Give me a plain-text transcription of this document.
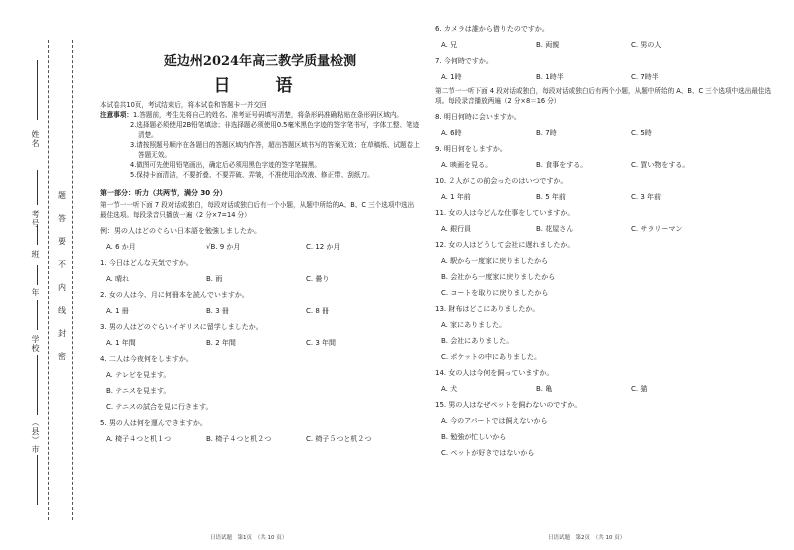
姓名
考号
班
年
学校
（县）市
题
答
要
不
内
线
封
密
延边州2024年高三教学质量检测
日　语
本试卷共10页，考试结束后，将本试卷和答题卡一并交回
注意事项：1.答题前，考生先将自己的姓名、准考证号码填写清楚，将条形码准确粘贴在条形码区域内。
2.选择题必须使用2B铅笔填涂；非选择题必须使用0.5毫米黑色字迹的签字笔书写，字体工整、笔迹清楚。
3.请按照题号顺序在各题目的答题区域内作答，超出答题区域书写的答案无效；在草稿纸、试题卷上答题无效。
4.做图可先使用铅笔画出，确定后必须用黑色字迹的签字笔描黑。
5.保持卡面清洁，不要折叠、不要弄破、弄皱，不准使用涂改液、修正带、刮纸刀。
第一部分：听力（共两节，满分 30 分）
第一节一一听下面 7 段对话或独白，每段对话或独白后有一个小题，从题中所给的A、B、C 三个选项中选出最佳选项。每段录音只播放一遍（2 分×7=14 分）
例：男の人はどのぐらい日本語を勉強しましたか。
A. 6 か月	√B. 9 か月	C. 12 か月
1. 今日はどんな天気ですか。
A. 晴れ	B. 雨	C. 曇り
2. 女の人は今、月に何冊本を読んでいますか。
A. 1 冊	B. 3 冊	C. 8 冊
3. 男の人はどのぐらいイギリスに留学しましたか。
A. 1 年間	B. 2 年間	C. 3 年間
4. 二人は今夜何をしますか。
A. テレビを見ます。
B. テニスを見ます。
C. テニスの試合を見に行きます。
5. 男の人は何を運んできますか。
A. 椅子４つと机１つ	B. 椅子４つと机２つ	C. 椅子５つと机２つ
6. カメラは誰から借りたのですか。
A. 兄	B. 両親	C. 男の人
7. 今何時ですか。
A. 1時	B. 1時半	C. 7時半
第二节一一听下面 4 段对话或独白，每段对话或独白后有两个小题，从题中所给的 A、B、C 三个选项中选出最佳选项。每段录音播放两遍（2 分×8＝16 分）
8. 明日何時に会いますか。
A. 6時	B. 7時	C. 5時
9. 明日何をしますか。
A. 映画を見る。	B. 食事をする。	C. 買い物をする。
10. ２人がこの前会ったのはいつですか。
A. 1 年前	B. 5 年前	C. 3 年前
11. 女の人は今どんな仕事をしていますか。
A. 銀行員	B. 花屋さん	C. サラリーマン
12. 女の人はどうして会社に遅れましたか。
A. 駅から一度家に戻りましたから
B. 会社から一度家に戻りましたから
C. コートを取りに戻りましたから
13. 財布はどこにありましたか。
A. 家にありました。
B. 会社にありました。
C. ポケットの中にありました。
14. 女の人は今何を飼っていますか。
A. 犬	B. 亀	C. 猫
15. 男の人はなぜペットを飼わないのですか。
A. 今のアパートでは飼えないから
B. 勉強が忙しいから
C. ペットが好きではないから
日语试题　第1页　（共 10 页）	日语试题　第2页　（共 10 页）
